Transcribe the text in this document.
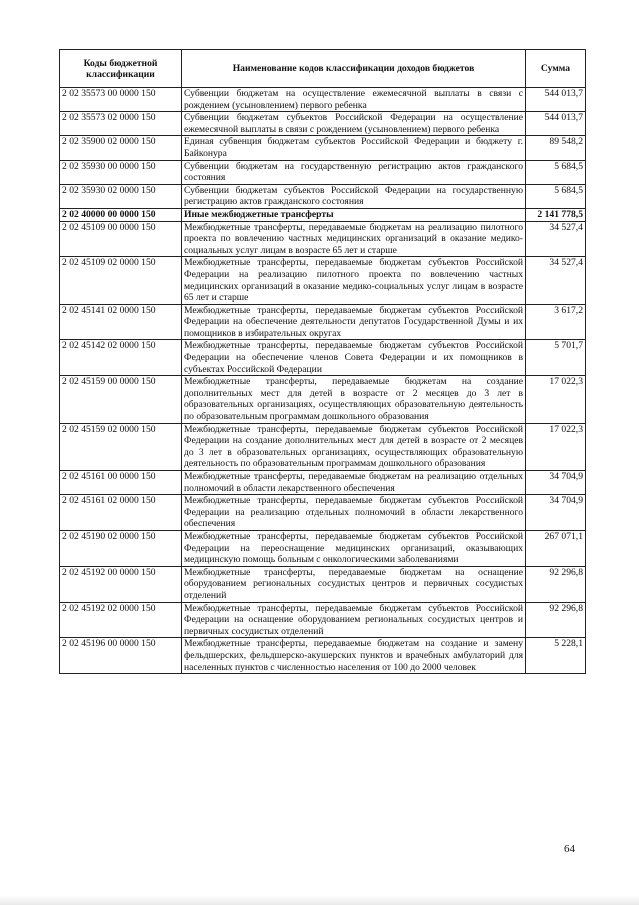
Коды бюджетной классификации	Наименование кодов классификации доходов бюджетов	Сумма
2 02 35573 00 0000 150	Субвенции бюджетам на осуществление ежемесячной выплаты в связи с рождением (усыновлением) первого ребенка	544 013,7
2 02 35573 02 0000 150	Субвенции бюджетам субъектов Российской Федерации на осуществление ежемесячной выплаты в связи с рождением (усыновлением) первого ребенка	544 013,7
2 02 35900 02 0000 150	Единая субвенция бюджетам субъектов Российской Федерации и бюджету г. Байконура	89 548,2
2 02 35930 00 0000 150	Субвенции бюджетам на государственную регистрацию актов гражданского состояния	5 684,5
2 02 35930 02 0000 150	Субвенции бюджетам субъектов Российской Федерации на государственную регистрацию актов гражданского состояния	5 684,5
2 02 40000 00 0000 150	Иные межбюджетные трансферты	2 141 778,5
2 02 45109 00 0000 150	Межбюджетные трансферты, передаваемые бюджетам на реализацию пилотного проекта по вовлечению частных медицинских организаций в оказание медико-социальных услуг лицам в возрасте 65 лет и старше	34 527,4
2 02 45109 02 0000 150	Межбюджетные трансферты, передаваемые бюджетам субъектов Российской Федерации на реализацию пилотного проекта по вовлечению частных медицинских организаций в оказание медико-социальных услуг лицам в возрасте 65 лет и старше	34 527,4
2 02 45141 02 0000 150	Межбюджетные трансферты, передаваемые бюджетам субъектов Российской Федерации на обеспечение деятельности депутатов Государственной Думы и их помощников в избирательных округах	3 617,2
2 02 45142 02 0000 150	Межбюджетные трансферты, передаваемые бюджетам субъектов Российской Федерации на обеспечение членов Совета Федерации и их помощников в субъектах Российской Федерации	5 701,7
2 02 45159 00 0000 150	Межбюджетные трансферты, передаваемые бюджетам на создание дополнительных мест для детей в возрасте от 2 месяцев до 3 лет в образовательных организациях, осуществляющих образовательную деятельность по образовательным программам дошкольного образования	17 022,3
2 02 45159 02 0000 150	Межбюджетные трансферты, передаваемые бюджетам субъектов Российской Федерации на создание дополнительных мест для детей в возрасте от 2 месяцев до 3 лет в образовательных организациях, осуществляющих образовательную деятельность по образовательным программам дошкольного образования	17 022,3
2 02 45161 00 0000 150	Межбюджетные трансферты, передаваемые бюджетам на реализацию отдельных полномочий в области лекарственного обеспечения	34 704,9
2 02 45161 02 0000 150	Межбюджетные трансферты, передаваемые бюджетам субъектов Российской Федерации на реализацию отдельных полномочий в области лекарственного обеспечения	34 704,9
2 02 45190 02 0000 150	Межбюджетные трансферты, передаваемые бюджетам субъектов Российской Федерации на переоснащение медицинских организаций, оказывающих медицинскую помощь больным с онкологическими заболеваниями	267 071,1
2 02 45192 00 0000 150	Межбюджетные трансферты, передаваемые бюджетам на оснащение оборудованием региональных сосудистых центров и первичных сосудистых отделений	92 296,8
2 02 45192 02 0000 150	Межбюджетные трансферты, передаваемые бюджетам субъектов Российской Федерации на оснащение оборудованием региональных сосудистых центров и первичных сосудистых отделений	92 296,8
2 02 45196 00 0000 150	Межбюджетные трансферты, передаваемые бюджетам на создание и замену фельдшерских, фельдшерско-акушерских пунктов и врачебных амбулаторий для населенных пунктов с численностью населения от 100 до 2000 человек	5 228,1
64
